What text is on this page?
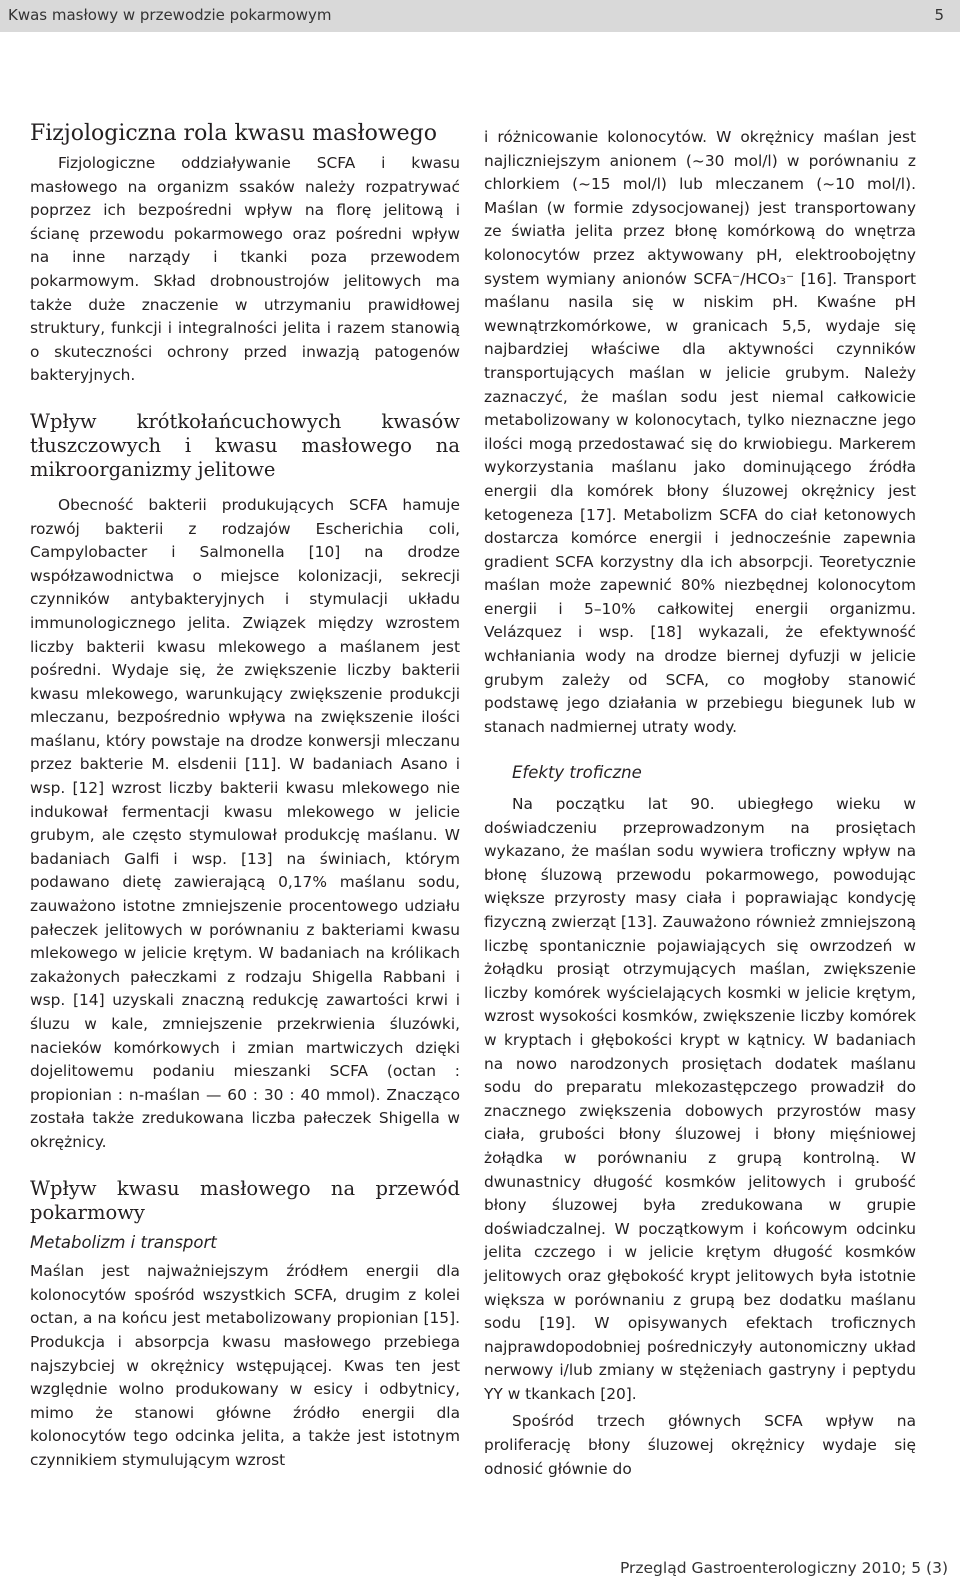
Kwas masłowy w przewodzie pokarmowym	5
Fizjologiczna rola kwasu masłowego

Fizjologiczne oddziaływanie SCFA i kwasu masłowego na organizm ssaków należy rozpatrywać poprzez ich bezpośredni wpływ na florę jelitową i ścianę przewodu pokarmowego oraz pośredni wpływ na inne narządy i tkanki poza przewodem pokarmowym. Skład drobnoustrojów jelitowych ma także duże znaczenie w utrzymaniu prawidłowej struktury, funkcji i integralności jelita i razem stanowią o skuteczności ochrony przed inwazją patogenów bakteryjnych.

Wpływ krótkołańcuchowych kwasów tłuszczowych i kwasu masłowego na mikroorganizmy jelitowe

Obecność bakterii produkujących SCFA hamuje rozwój bakterii z rodzajów Escherichia coli, Campylobacter i Salmonella [10] na drodze współzawodnictwa o miejsce kolonizacji, sekrecji czynników antybakteryjnych i stymulacji układu immunologicznego jelita. Związek między wzrostem liczby bakterii kwasu mlekowego a maślanem jest pośredni. Wydaje się, że zwiększenie liczby bakterii kwasu mlekowego, warunkujący zwiększenie produkcji mleczanu, bezpośrednio wpływa na zwiększenie ilości maślanu, który powstaje na drodze konwersji mleczanu przez bakterie M. elsdenii [11]. W badaniach Asano i wsp. [12] wzrost liczby bakterii kwasu mlekowego nie indukował fermentacji kwasu mlekowego w jelicie grubym, ale często stymulował produkcję maślanu. W badaniach Galfi i wsp. [13] na świniach, którym podawano dietę zawierającą 0,17% maślanu sodu, zauważono istotne zmniejszenie procentowego udziału pałeczek jelitowych w porównaniu z bakteriami kwasu mlekowego w jelicie krętym. W badaniach na królikach zakażonych pałeczkami z rodzaju Shigella Rabbani i wsp. [14] uzyskali znaczną redukcję zawartości krwi i śluzu w kale, zmniejszenie przekrwienia śluzówki, nacieków komórkowych i zmian martwiczych dzięki dojelitowemu podaniu mieszanki SCFA (octan : propionian : n-maślan — 60 : 30 : 40 mmol). Znacząco została także zredukowana liczba pałeczek Shigella w okrężnicy.

Wpływ kwasu masłowego na przewód pokarmowy
Metabolizm i transport

Maślan jest najważniejszym źródłem energii dla kolonocytów spośród wszystkich SCFA, drugim z kolei octan, a na końcu jest metabolizowany propionian [15]. Produkcja i absorpcja kwasu masłowego przebiega najszybciej w okrężnicy wstępującej. Kwas ten jest względnie wolno produkowany w esicy i odbytnicy, mimo że stanowi główne źródło energii dla kolonocytów tego odcinka jelita, a także jest istotnym czynnikiem stymulującym wzrost

i różnicowanie kolonocytów. W okrężnicy maślan jest najliczniejszym anionem (~30 mol/l) w porównaniu z chlorkiem (~15 mol/l) lub mleczanem (~10 mol/l). Maślan (w formie zdysocjowanej) jest transportowany ze światła jelita przez błonę komórkową do wnętrza kolonocytów przez aktywowany pH, elektroobojętny system wymiany anionów SCFA⁻/HCO₃⁻ [16]. Transport maślanu nasila się w niskim pH. Kwaśne pH wewnątrzkomórkowe, w granicach 5,5, wydaje się najbardziej właściwe dla aktywności czynników transportujących maślan w jelicie grubym. Należy zaznaczyć, że maślan sodu jest niemal całkowicie metabolizowany w kolonocytach, tylko nieznaczne jego ilości mogą przedostawać się do krwiobiegu. Markerem wykorzystania maślanu jako dominującego źródła energii dla komórek błony śluzowej okrężnicy jest ketogeneza [17]. Metabolizm SCFA do ciał ketonowych dostarcza komórce energii i jednocześnie zapewnia gradient SCFA korzystny dla ich absorpcji. Teoretycznie maślan może zapewnić 80% niezbędnej kolonocytom energii i 5–10% całkowitej energii organizmu. Velázquez i wsp. [18] wykazali, że efektywność wchłaniania wody na drodze biernej dyfuzji w jelicie grubym zależy od SCFA, co mogłoby stanowić podstawę jego działania w przebiegu biegunek lub w stanach nadmiernej utraty wody.

Efekty troficzne

Na początku lat 90. ubiegłego wieku w doświadczeniu przeprowadzonym na prosiętach wykazano, że maślan sodu wywiera troficzny wpływ na błonę śluzową przewodu pokarmowego, powodując większe przyrosty masy ciała i poprawiając kondycję fizyczną zwierząt [13]. Zauważono również zmniejszoną liczbę spontanicznie pojawiających się owrzodzeń w żołądku prosiąt otrzymujących maślan, zwiększenie liczby komórek wyścielających kosmki w jelicie krętym, wzrost wysokości kosmków, zwiększenie liczby komórek w kryptach i głębokości krypt w kątnicy. W badaniach na nowo narodzonych prosiętach dodatek maślanu sodu do preparatu mlekozastępczego prowadził do znacznego zwiększenia dobowych przyrostów masy ciała, grubości błony śluzowej i błony mięśniowej żołądka w porównaniu z grupą kontrolną. W dwunastnicy długość kosmków jelitowych i grubość błony śluzowej była zredukowana w grupie doświadczalnej. W początkowym i końcowym odcinku jelita czczego i w jelicie krętym długość kosmków jelitowych oraz głębokość krypt jelitowych była istotnie większa w porównaniu z grupą bez dodatku maślanu sodu [19]. W opisywanych efektach troficznych najprawdopodobniej pośredniczyły autonomiczny układ nerwowy i/lub zmiany w stężeniach gastryny i peptydu YY w tkankach [20].

Spośród trzech głównych SCFA wpływ na proliferację błony śluzowej okrężnicy wydaje się odnosić głównie do

Przegląd Gastroenterologiczny 2010; 5 (3)
